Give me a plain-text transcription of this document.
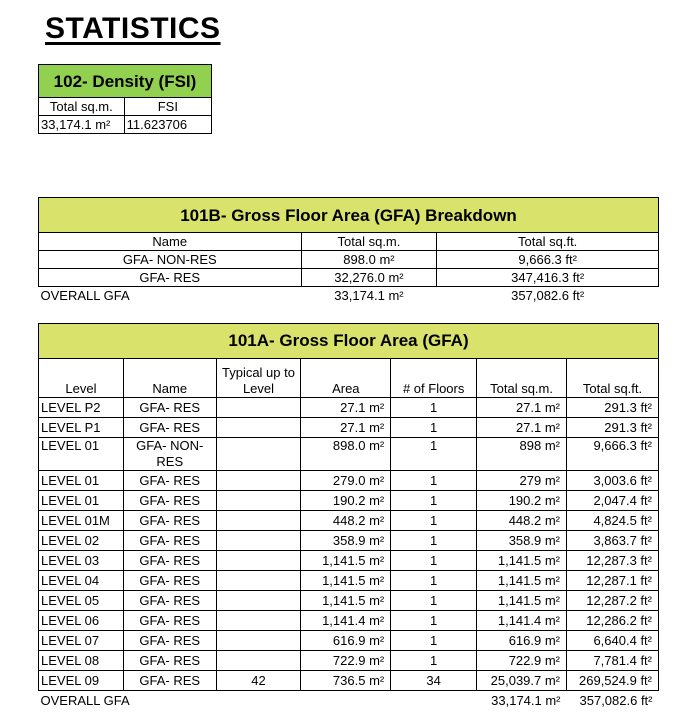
STATISTICS
102- Density (FSI)	
Total sq.m.	FSI
33,174.1 m²	11.623706
101B- Gross Floor Area (GFA) Breakdown		
Name	Total sq.m.	Total sq.ft.
GFA- NON-RES	898.0 m²	9,666.3 ft²
GFA- RES	32,276.0 m²	347,416.3 ft²
OVERALL GFA	33,174.1 m²	357,082.6 ft²
101A- Gross Floor Area (GFA)						
Level	Name	Typical up to Level	Area	# of Floors	Total sq.m.	Total sq.ft.
LEVEL P2	GFA- RES		27.1 m²	1	27.1 m²	291.3 ft²
LEVEL P1	GFA- RES		27.1 m²	1	27.1 m²	291.3 ft²
LEVEL 01	GFA- NON-RES		898.0 m²	1	898 m²	9,666.3 ft²
LEVEL 01	GFA- RES		279.0 m²	1	279 m²	3,003.6 ft²
LEVEL 01	GFA- RES		190.2 m²	1	190.2 m²	2,047.4 ft²
LEVEL 01M	GFA- RES		448.2 m²	1	448.2 m²	4,824.5 ft²
LEVEL 02	GFA- RES		358.9 m²	1	358.9 m²	3,863.7 ft²
LEVEL 03	GFA- RES		1,141.5 m²	1	1,141.5 m²	12,287.3 ft²
LEVEL 04	GFA- RES		1,141.5 m²	1	1,141.5 m²	12,287.1 ft²
LEVEL 05	GFA- RES		1,141.5 m²	1	1,141.5 m²	12,287.2 ft²
LEVEL 06	GFA- RES		1,141.4 m²	1	1,141.4 m²	12,286.2 ft²
LEVEL 07	GFA- RES		616.9 m²	1	616.9 m²	6,640.4 ft²
LEVEL 08	GFA- RES		722.9 m²	1	722.9 m²	7,781.4 ft²
LEVEL 09	GFA- RES	42	736.5 m²	34	25,039.7 m²	269,524.9 ft²
OVERALL GFA					33,174.1 m²	357,082.6 ft²
